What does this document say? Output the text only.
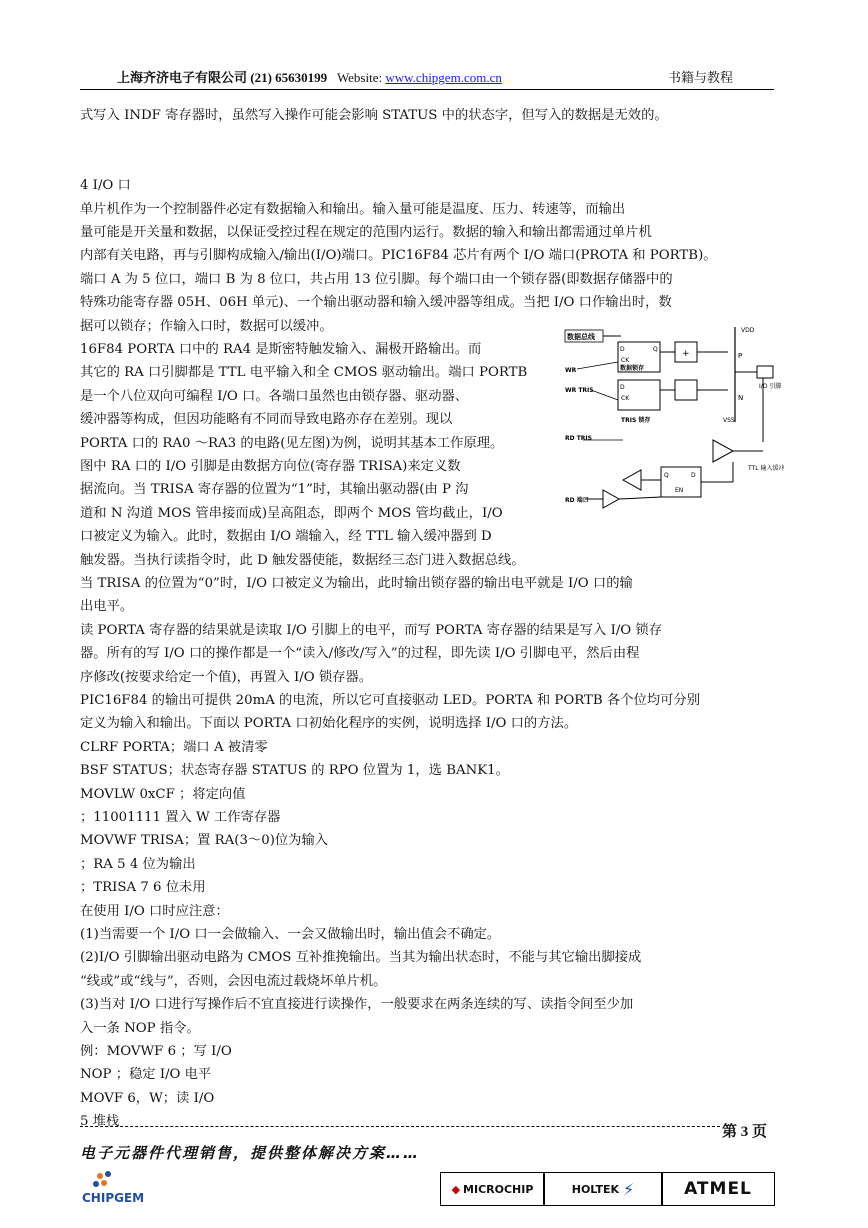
上海齐济电子有限公司 (21) 65630199 Website: www.chipgem.com.cn	书籍与教程
式写入 INDF 寄存器时，虽然写入操作可能会影响 STATUS 中的状态字，但写入的数据是无效的。
4 I/O 口
单片机作为一个控制器件必定有数据输入和输出。输入量可能是温度、压力、转速等，而输出
量可能是开关量和数据，以保证受控过程在规定的范围内运行。数据的输入和输出都需通过单片机
内部有关电路，再与引脚构成输入/输出(I/O)端口。PIC16F84 芯片有两个 I/O 端口(PROTA 和 PORTB)。
端口 A 为 5 位口，端口 B 为 8 位口，共占用 13 位引脚。每个端口由一个锁存器(即数据存储器中的
特殊功能寄存器 05H、06H 单元)、一个输出驱动器和输入缓冲器等组成。当把 I/O 口作输出时，数
据可以锁存；作输入口时，数据可以缓冲。
16F84 PORTA 口中的 RA4 是斯密特触发输入、漏极开路输出。而
其它的 RA 口引脚都是 TTL 电平输入和全 CMOS 驱动输出。端口 PORTB
是一个八位双向可编程 I/O 口。各端口虽然也由锁存器、驱动器、
缓冲器等构成，但因功能略有不同而导致电路亦存在差别。现以
PORTA 口的 RA0 ～RA3 的电路(见左图)为例，说明其基本工作原理。
图中 RA 口的 I/O 引脚是由数据方向位(寄存器 TRISA)来定义数
据流向。当 TRISA 寄存器的位置为“1”时，其输出驱动器(由 P 沟
道和 N 沟道 MOS 管串接而成)呈高阻态，即两个 MOS 管均截止，I/O
口被定义为输入。此时，数据由 I/O 端输入，经 TTL 输入缓冲器到 D
触发器。当执行读指令时，此 D 触发器使能，数据经三态门进入数据总线。
当 TRISA 的位置为“0”时，I/O 口被定义为输出，此时输出锁存器的输出电平就是 I/O 口的输
出电平。
读 PORTA 寄存器的结果就是读取 I/O 引脚上的电平，而写 PORTA 寄存器的结果是写入 I/O 锁存
器。所有的写 I/O 口的操作都是一个“读入/修改/写入”的过程，即先读 I/O 引脚电平，然后由程
序修改(按要求给定一个值)，再置入 I/O 锁存器。
PIC16F84 的输出可提供 20mA 的电流，所以它可直接驱动 LED。PORTA 和 PORTB 各个位均可分别
定义为输入和输出。下面以 PORTA 口初始化程序的实例，说明选择 I/O 口的方法。
CLRF PORTA；端口 A 被清零
BSF STATUS；状态寄存器 STATUS 的 RPO 位置为 1，选 BANK1。
MOVLW 0xCF ；将定向值
；11001111 置入 W 工作寄存器
MOVWF TRISA；置 RA(3～0)位为输入
；RA 5 4 位为输出
；TRISA 7 6 位未用
在使用 I/O 口时应注意：
(1)当需要一个 I/O 口一会做输入、一会又做输出时，输出值会不确定。
(2)I/O 引脚输出驱动电路为 CMOS 互补推挽输出。当其为输出状态时，不能与其它输出脚接成
“线或”或“线与”，否则，会因电流过载烧坏单片机。
(3)当对 I/O 口进行写操作后不宜直接进行读操作，一般要求在两条连续的写、读指令间至少加
入一条 NOP 指令。
例：MOVWF 6 ；写 I/O
NOP ；稳定 I/O 电平
MOVF 6，W；读 I/O
5 堆栈
数据总线
D	Q
CK
数据锁存
WR
D
CK
TRIS 锁存
WR TRIS
+
VDD
P
N
VSS
I/O 引脚
RD TRIS
TTL 输入缓冲
Q	D
EN
RD 端口
第 3 页
电子元器件代理销售，提供整体解决方案……
CHIPGEM
◆ MICROCHIP	HOLTEK ⚡	ATMEL
